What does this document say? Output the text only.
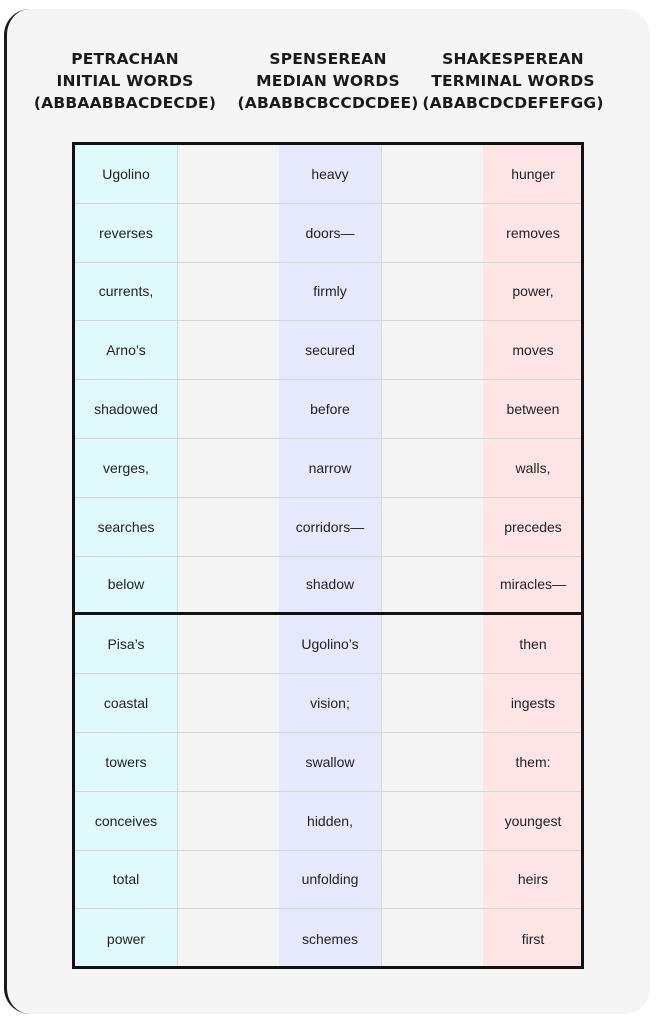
PETRACHAN
INITIAL WORDS
(ABBAABBACDECDE)
SPENSEREAN
MEDIAN WORDS
(ABABBCBCCDCDEE)
SHAKESPEREAN
TERMINAL WORDS
(ABABCDCDEFEFGG)
Ugolino	heavy	hunger
reverses	doors—	removes
currents,	firmly	power,
Arno’s	secured	moves
shadowed	before	between
verges,	narrow	walls,
searches	corridors—	precedes
below	shadow	miracles—
Pisa’s	Ugolino’s	then
coastal	vision;	ingests
towers	swallow	them:
conceives	hidden,	youngest
total	unfolding	heirs
power	schemes	first
